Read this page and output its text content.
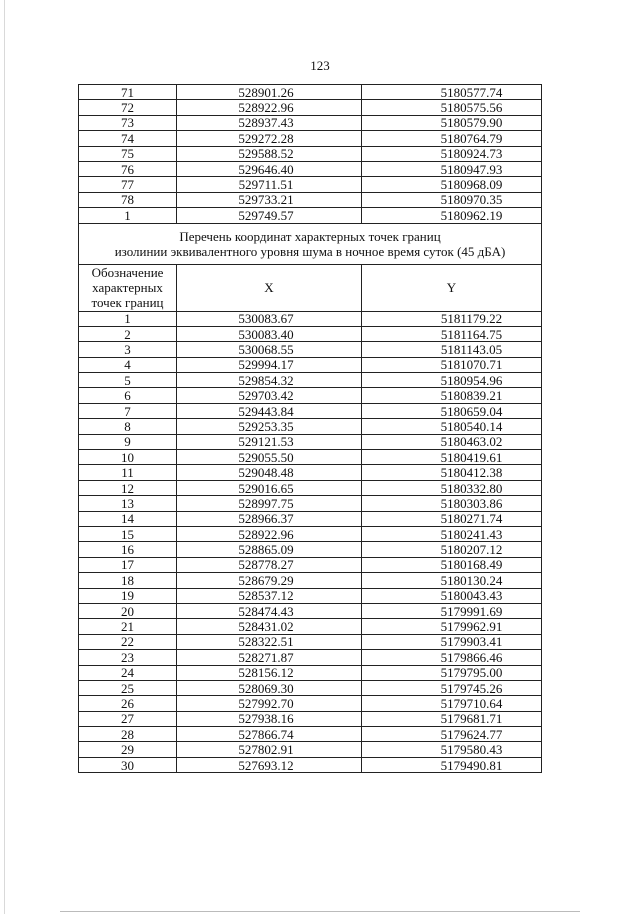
123
71	528901.26	5180577.74
72	528922.96	5180575.56
73	528937.43	5180579.90
74	529272.28	5180764.79
75	529588.52	5180924.73
76	529646.40	5180947.93
77	529711.51	5180968.09
78	529733.21	5180970.35
1	529749.57	5180962.19

Перечень координат характерных точек границ
изолинии эквивалентного уровня шума в ночное время суток (45 дБА)		

Обозначение
характерных
точек границ	X	Y
1	530083.67	5181179.22
2	530083.40	5181164.75
3	530068.55	5181143.05
4	529994.17	5181070.71
5	529854.32	5180954.96
6	529703.42	5180839.21
7	529443.84	5180659.04
8	529253.35	5180540.14
9	529121.53	5180463.02
10	529055.50	5180419.61
11	529048.48	5180412.38
12	529016.65	5180332.80
13	528997.75	5180303.86
14	528966.37	5180271.74
15	528922.96	5180241.43
16	528865.09	5180207.12
17	528778.27	5180168.49
18	528679.29	5180130.24
19	528537.12	5180043.43
20	528474.43	5179991.69
21	528431.02	5179962.91
22	528322.51	5179903.41
23	528271.87	5179866.46
24	528156.12	5179795.00
25	528069.30	5179745.26
26	527992.70	5179710.64
27	527938.16	5179681.71
28	527866.74	5179624.77
29	527802.91	5179580.43
30	527693.12	5179490.81
